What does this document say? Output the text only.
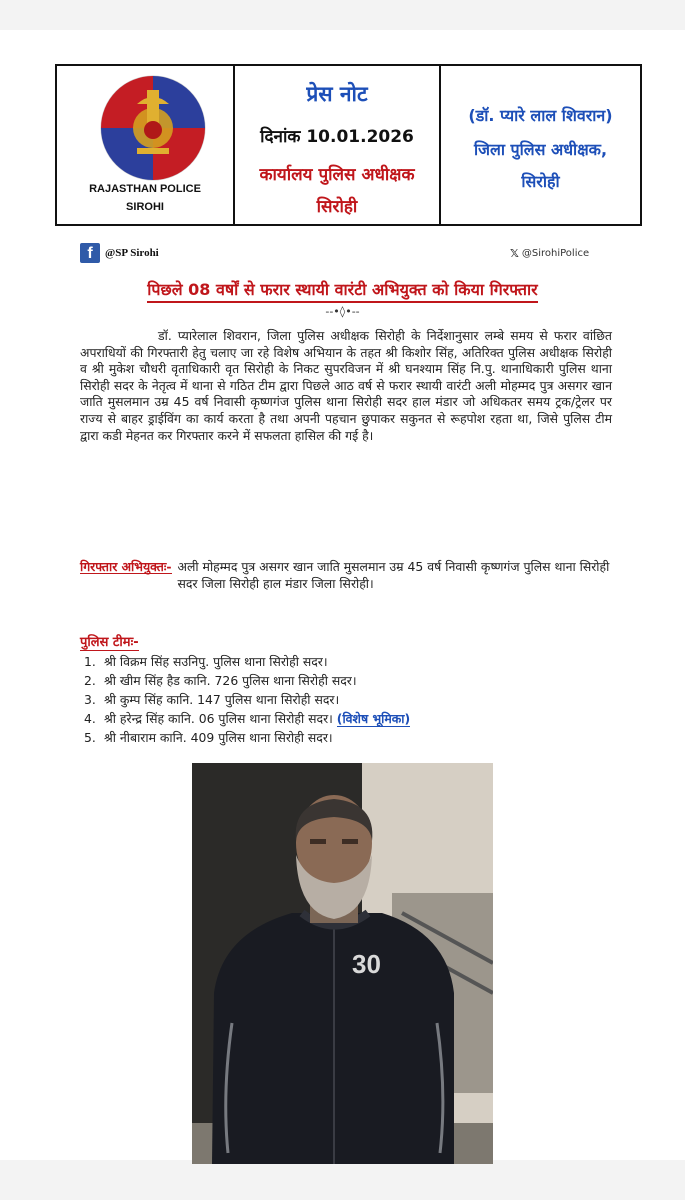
RAJASTHAN POLICE
SIROHI
प्रेस नोट
दिनांक 10.01.2026
कार्यालय पुलिस अधीक्षक
सिरोही
(डॉ. प्यारे लाल शिवरान)
जिला पुलिस अधीक्षक,
सिरोही
f	@SP Sirohi	𝕏 @SirohiPolice
पिछले 08 वर्षों से फरार स्थायी वारंटी अभियुक्त को किया गिरफ्तार
--•◊•--

डॉ. प्यारेलाल शिवरान, जिला पुलिस अधीक्षक सिरोही के निर्देशानुसार लम्बे समय से फरार वांछित अपराधियों की गिरफ्तारी हेतु चलाए जा रहे विशेष अभियान के तहत श्री किशोर सिंह, अतिरिक्त पुलिस अधीक्षक सिरोही व श्री मुकेश चौधरी वृताधिकारी वृत सिरोही के निकट सुपरविजन में श्री घनश्याम सिंह नि.पु. थानाधिकारी पुलिस थाना सिरोही सदर के नेतृत्व में थाना से गठित टीम द्वारा पिछले आठ वर्ष से फरार स्थायी वारंटी अली मोहम्मद पुत्र असगर खान जाति मुसलमान उम्र 45 वर्ष निवासी कृष्णगंज पुलिस थाना सिरोही सदर हाल मंडार जो अधिकतर समय ट्रक/ट्रेलर पर राज्य से बाहर ड्राईविंग का कार्य करता है तथा अपनी पहचान छुपाकर सकुनत से रूहपोश रहता था, जिसे पुलिस टीम द्वारा कडी मेहनत कर गिरफ्तार करने में सफलता हासिल की गई है।

गिरफ्तार अभियुक्तः- अली मोहम्मद पुत्र असगर खान जाति मुसलमान उम्र 45 वर्ष निवासी कृष्णगंज पुलिस थाना सिरोही सदर जिला सिरोही हाल मंडार जिला सिरोही।
पुलिस टीमः-
1. श्री विक्रम सिंह सउनिपु. पुलिस थाना सिरोही सदर।
2. श्री खीम सिंह हैड कानि. 726 पुलिस थाना सिरोही सदर।
3. श्री कुम्प सिंह कानि. 147 पुलिस थाना सिरोही सदर।
4. श्री हरेन्द्र सिंह कानि. 06 पुलिस थाना सिरोही सदर। (विशेष भूमिका)
5. श्री नीबाराम कानि. 409 पुलिस थाना सिरोही सदर।
30
